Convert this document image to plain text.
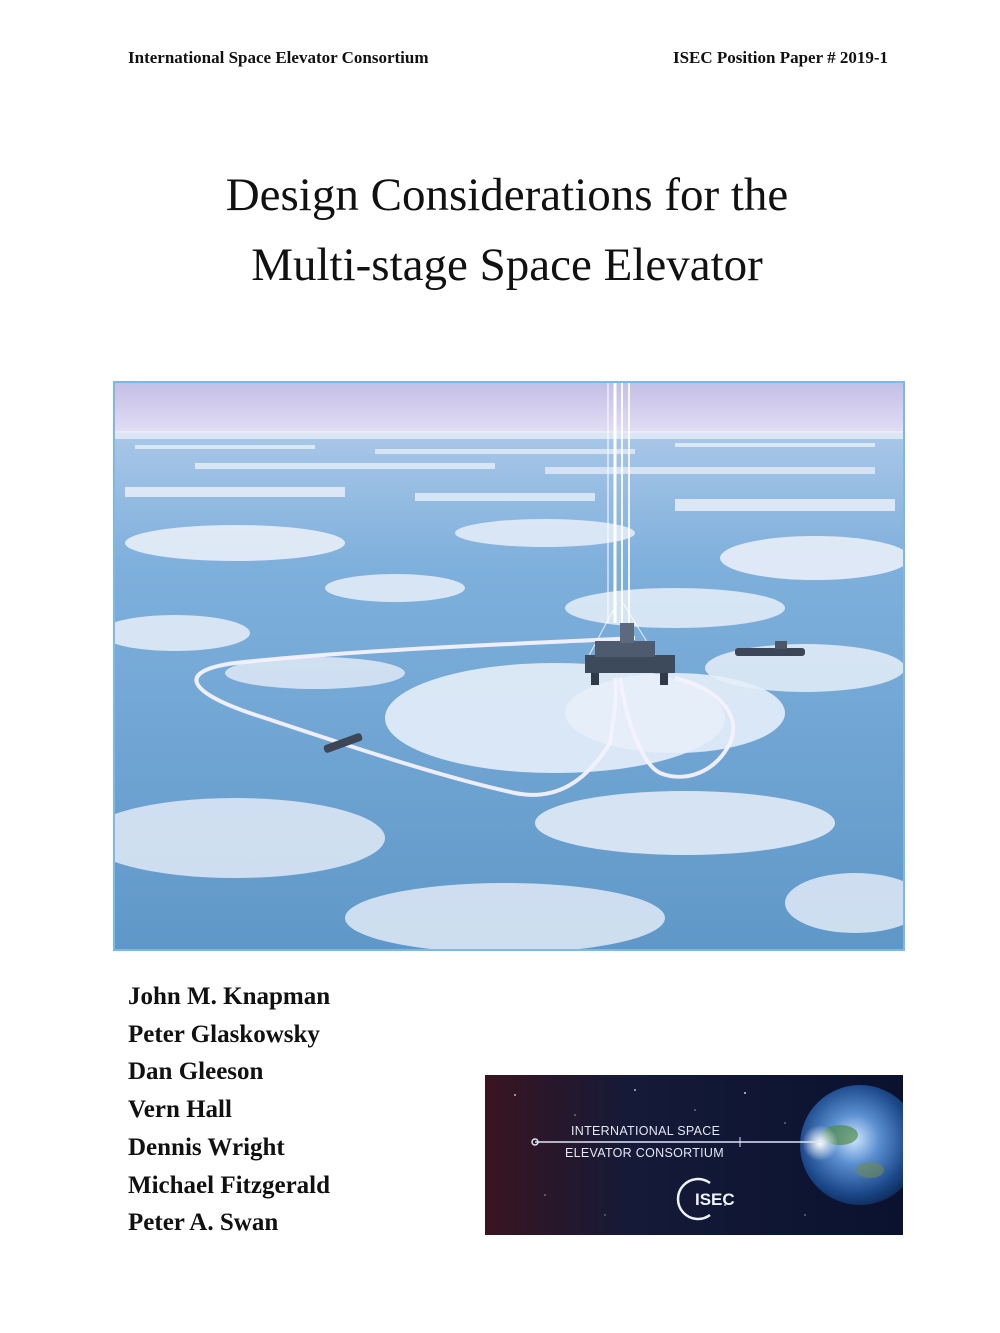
International Space Elevator Consortium	ISEC Position Paper # 2019-1
Design Considerations for the
Multi-stage Space Elevator
John M. Knapman
Peter Glaskowsky
Dan Gleeson
Vern Hall
Dennis Wright
Michael Fitzgerald
Peter A. Swan
INTERNATIONAL SPACE
ELEVATOR CONSORTIUM
ISEC
